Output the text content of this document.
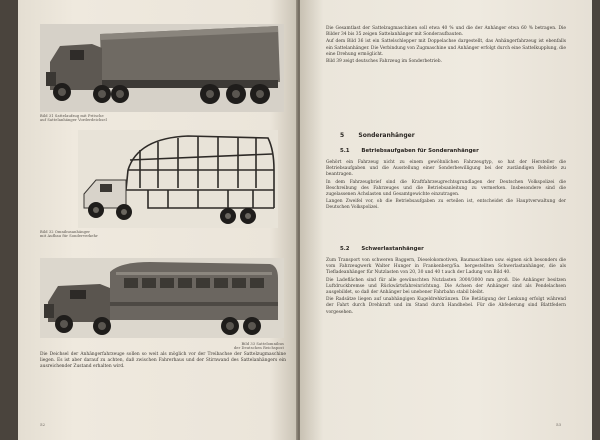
Bild 31 Sattelaufzug mit Pritsche
auf Sattelanhänger Vorderdeichsel
Bild 32 Omnibusanhänger
mit Aufbau für Sonderverkehr
Bild 33 Sattelomnibus
der Deutschen Reichspost
Die Deichsel der Anhängerfahrzeuge sollen so weit als möglich vor der Treibachse der Sattelzugmaschine liegen. Es ist aber darauf zu achten, daß zwischen Fahrerhaus und der Stirnwand des Sattelanhängers ein ausreichender Zustand erhalten wird.
52

Die Gesamtlast der Sattelzugmaschinen soll etwa 40 % und die der Anhänger etwa 60 % betragen. Die Bilder 34 bis 35 zeigen Sattelanhänger mit Sonderaufbauten.

Auf dem Bild 36 ist ein Sattelschlepper mit Doppelachse dargestellt, das Anhängerfahrzeug ist ebenfalls ein Sattelanhänger. Die Verbindung von Zugmaschine und Anhänger erfolgt durch eine Sattelkupplung, die eine Drehung ermöglicht.

Bild 39 zeigt deutsches Fahrzeug im Sonderbetrieb.

5 Sonderanhänger
5.1 Betriebsaufgaben für Sonderanhänger

Gehört ein Fahrzeug nicht zu einem gewöhnlichen Fahrzeugtyp, so hat der Hersteller die Betriebsaufgaben und die Ausstellung einer Sonderbewilligung bei der zuständigen Behörde zu beantragen.

In dem Fahrzeugbrief sind die Kraftfahrzeugrechtsgrundlagen der Deutschen Volkspolizei die Beschreibung des Fahrzeuges und die Betriebsanleitung zu vermerken. Insbesondere sind die zugelassenen Achslasten und Gesamtgewichte einzutragen.

Langen Zweifel vor, ob die Betriebsaufgaben zu erteilen ist, entscheidet die Hauptverwaltung der Deutschen Volkspolizei.

5.2 Schwerlastanhänger

Zum Transport von schweren Baggern, Dieselokomotiven, Baumaschinen usw. eignen sich besonders die vom Fahrzeugwerk Walter Hunger in Frankenberg/Sa. hergestellten Schwerlastanhänger, die als Tiefladeanhänger für Nutzlasten von 20, 30 und 40 t auch der Ladung von Bild 40.

Die Ladeflächen sind für alle gewünschten Nutzlasten 3000/3000 mm groß. Die Anhänger besitzen Luftdruckbremse und Rückwärtsfahreinrichtung. Die Achsen der Anhänger sind als Pendelachsen ausgebildet, so daß der Anhänger bei unebener Fahrbahn stabil bleibt.

Die Radsätze liegen auf unabhängigen Kugeldrehkränzen. Die Betätigung der Lenkung erfolgt während der Fahrt durch Drehkraft und im Stand durch Handhebel. Für die Abfederung sind Blattfedern vorgesehen.

53
